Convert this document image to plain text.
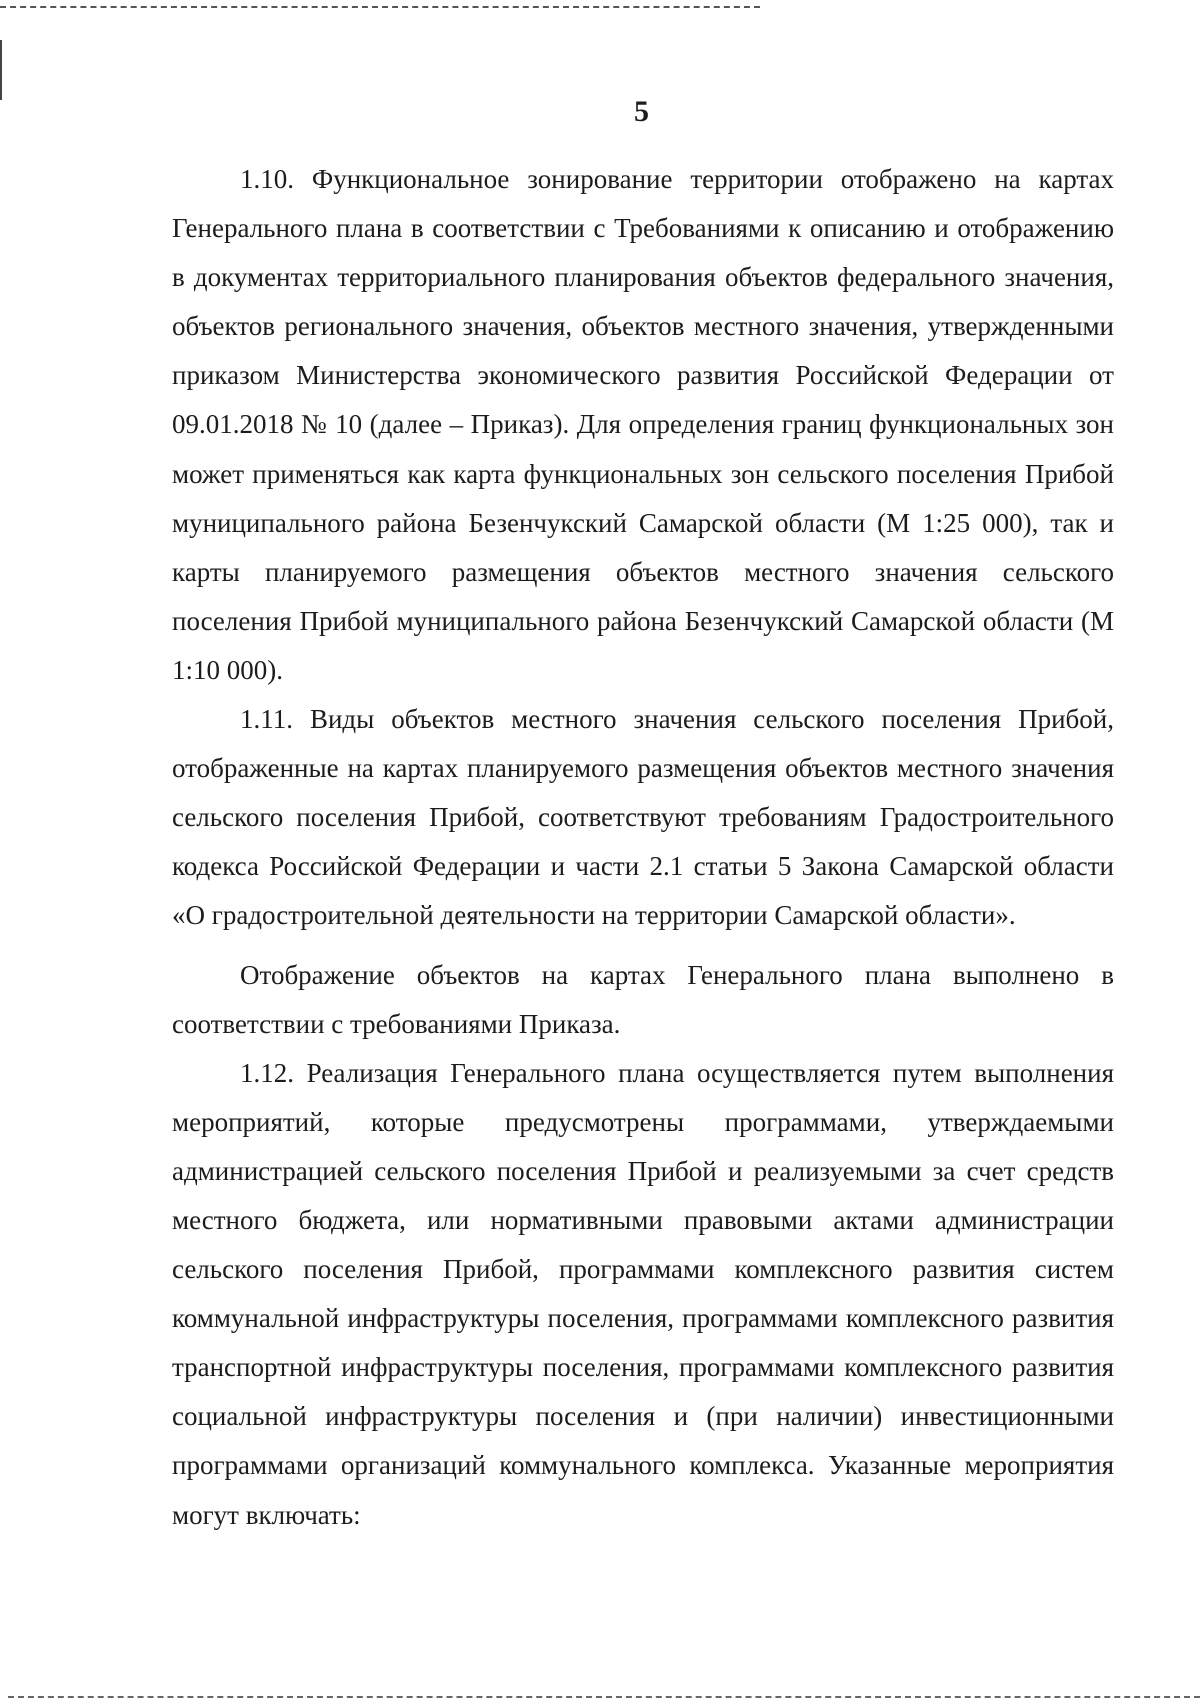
5

1.10. Функциональное зонирование территории отображено на картах Генерального плана в соответствии с Требованиями к описанию и отображению в документах территориального планирования объектов федерального значения, объектов регионального значения, объектов местного значения, утвержденными приказом Министерства экономического развития Российской Федерации от 09.01.2018 № 10 (далее – Приказ). Для определения границ функциональных зон может применяться как карта функциональных зон сельского поселения Прибой муниципального района Безенчукский Самарской области (М 1:25 000), так и карты планируемого размещения объектов местного значения сельского поселения Прибой муниципального района Безенчукский Самарской области (М 1:10 000).

1.11. Виды объектов местного значения сельского поселения Прибой, отображенные на картах планируемого размещения объектов местного значения сельского поселения Прибой, соответствуют требованиям Градостроительного кодекса Российской Федерации и части 2.1 статьи 5 Закона Самарской области «О градостроительной деятельности на территории Самарской области».

Отображение объектов на картах Генерального плана выполнено в соответствии с требованиями Приказа.

1.12. Реализация Генерального плана осуществляется путем выполнения мероприятий, которые предусмотрены программами, утверждаемыми администрацией сельского поселения Прибой и реализуемыми за счет средств местного бюджета, или нормативными правовыми актами администрации сельского поселения Прибой, программами комплексного развития систем коммунальной инфраструктуры поселения, программами комплексного развития транспортной инфраструктуры поселения, программами комплексного развития социальной инфраструктуры поселения и (при наличии) инвестиционными программами организаций коммунального комплекса. Указанные мероприятия могут включать:
